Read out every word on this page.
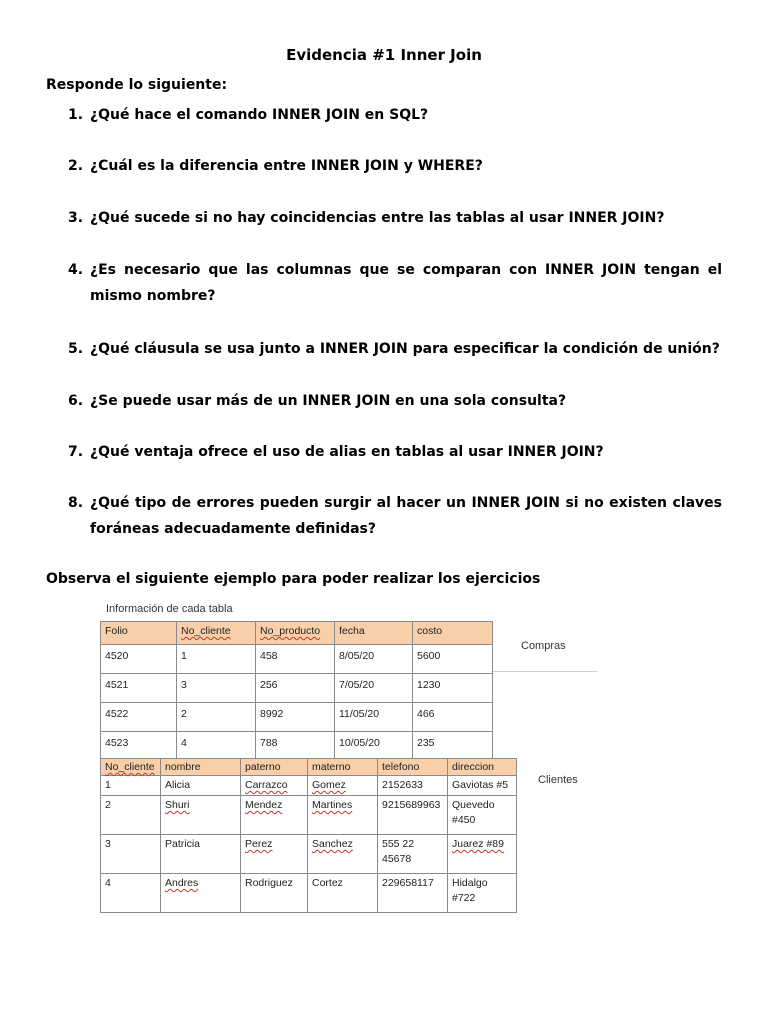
Evidencia #1 Inner Join
Responde lo siguiente:
1. ¿Qué hace el comando INNER JOIN en SQL?
2. ¿Cuál es la diferencia entre INNER JOIN y WHERE?
3. ¿Qué sucede si no hay coincidencias entre las tablas al usar INNER JOIN?
4. ¿Es necesario que las columnas que se comparan con INNER JOIN tengan el mismo nombre?
5. ¿Qué cláusula se usa junto a INNER JOIN para especificar la condición de unión?
6. ¿Se puede usar más de un INNER JOIN en una sola consulta?
7. ¿Qué ventaja ofrece el uso de alias en tablas al usar INNER JOIN?
8. ¿Qué tipo de errores pueden surgir al hacer un INNER JOIN si no existen claves foráneas adecuadamente definidas?
Observa el siguiente ejemplo para poder realizar los ejercicios
Información de cada tabla
Folio	No_cliente	No_producto	fecha	costo
4520	1	458	8/05/20	5600
4521	3	256	7/05/20	1230
4522	2	8992	11/05/20	466
4523	4	788	10/05/20	235
Compras
No_cliente	nombre	paterno	materno	telefono	direccion
1	Alicia	Carrazco	Gomez	2152633	Gaviotas #5
2	Shuri	Mendez	Martines	9215689963	Quevedo #450
3	Patricia	Perez	Sanchez	555 22 45678	Juarez #89
4	Andres	Rodriguez	Cortez	229658117	Hidalgo #722
Clientes
